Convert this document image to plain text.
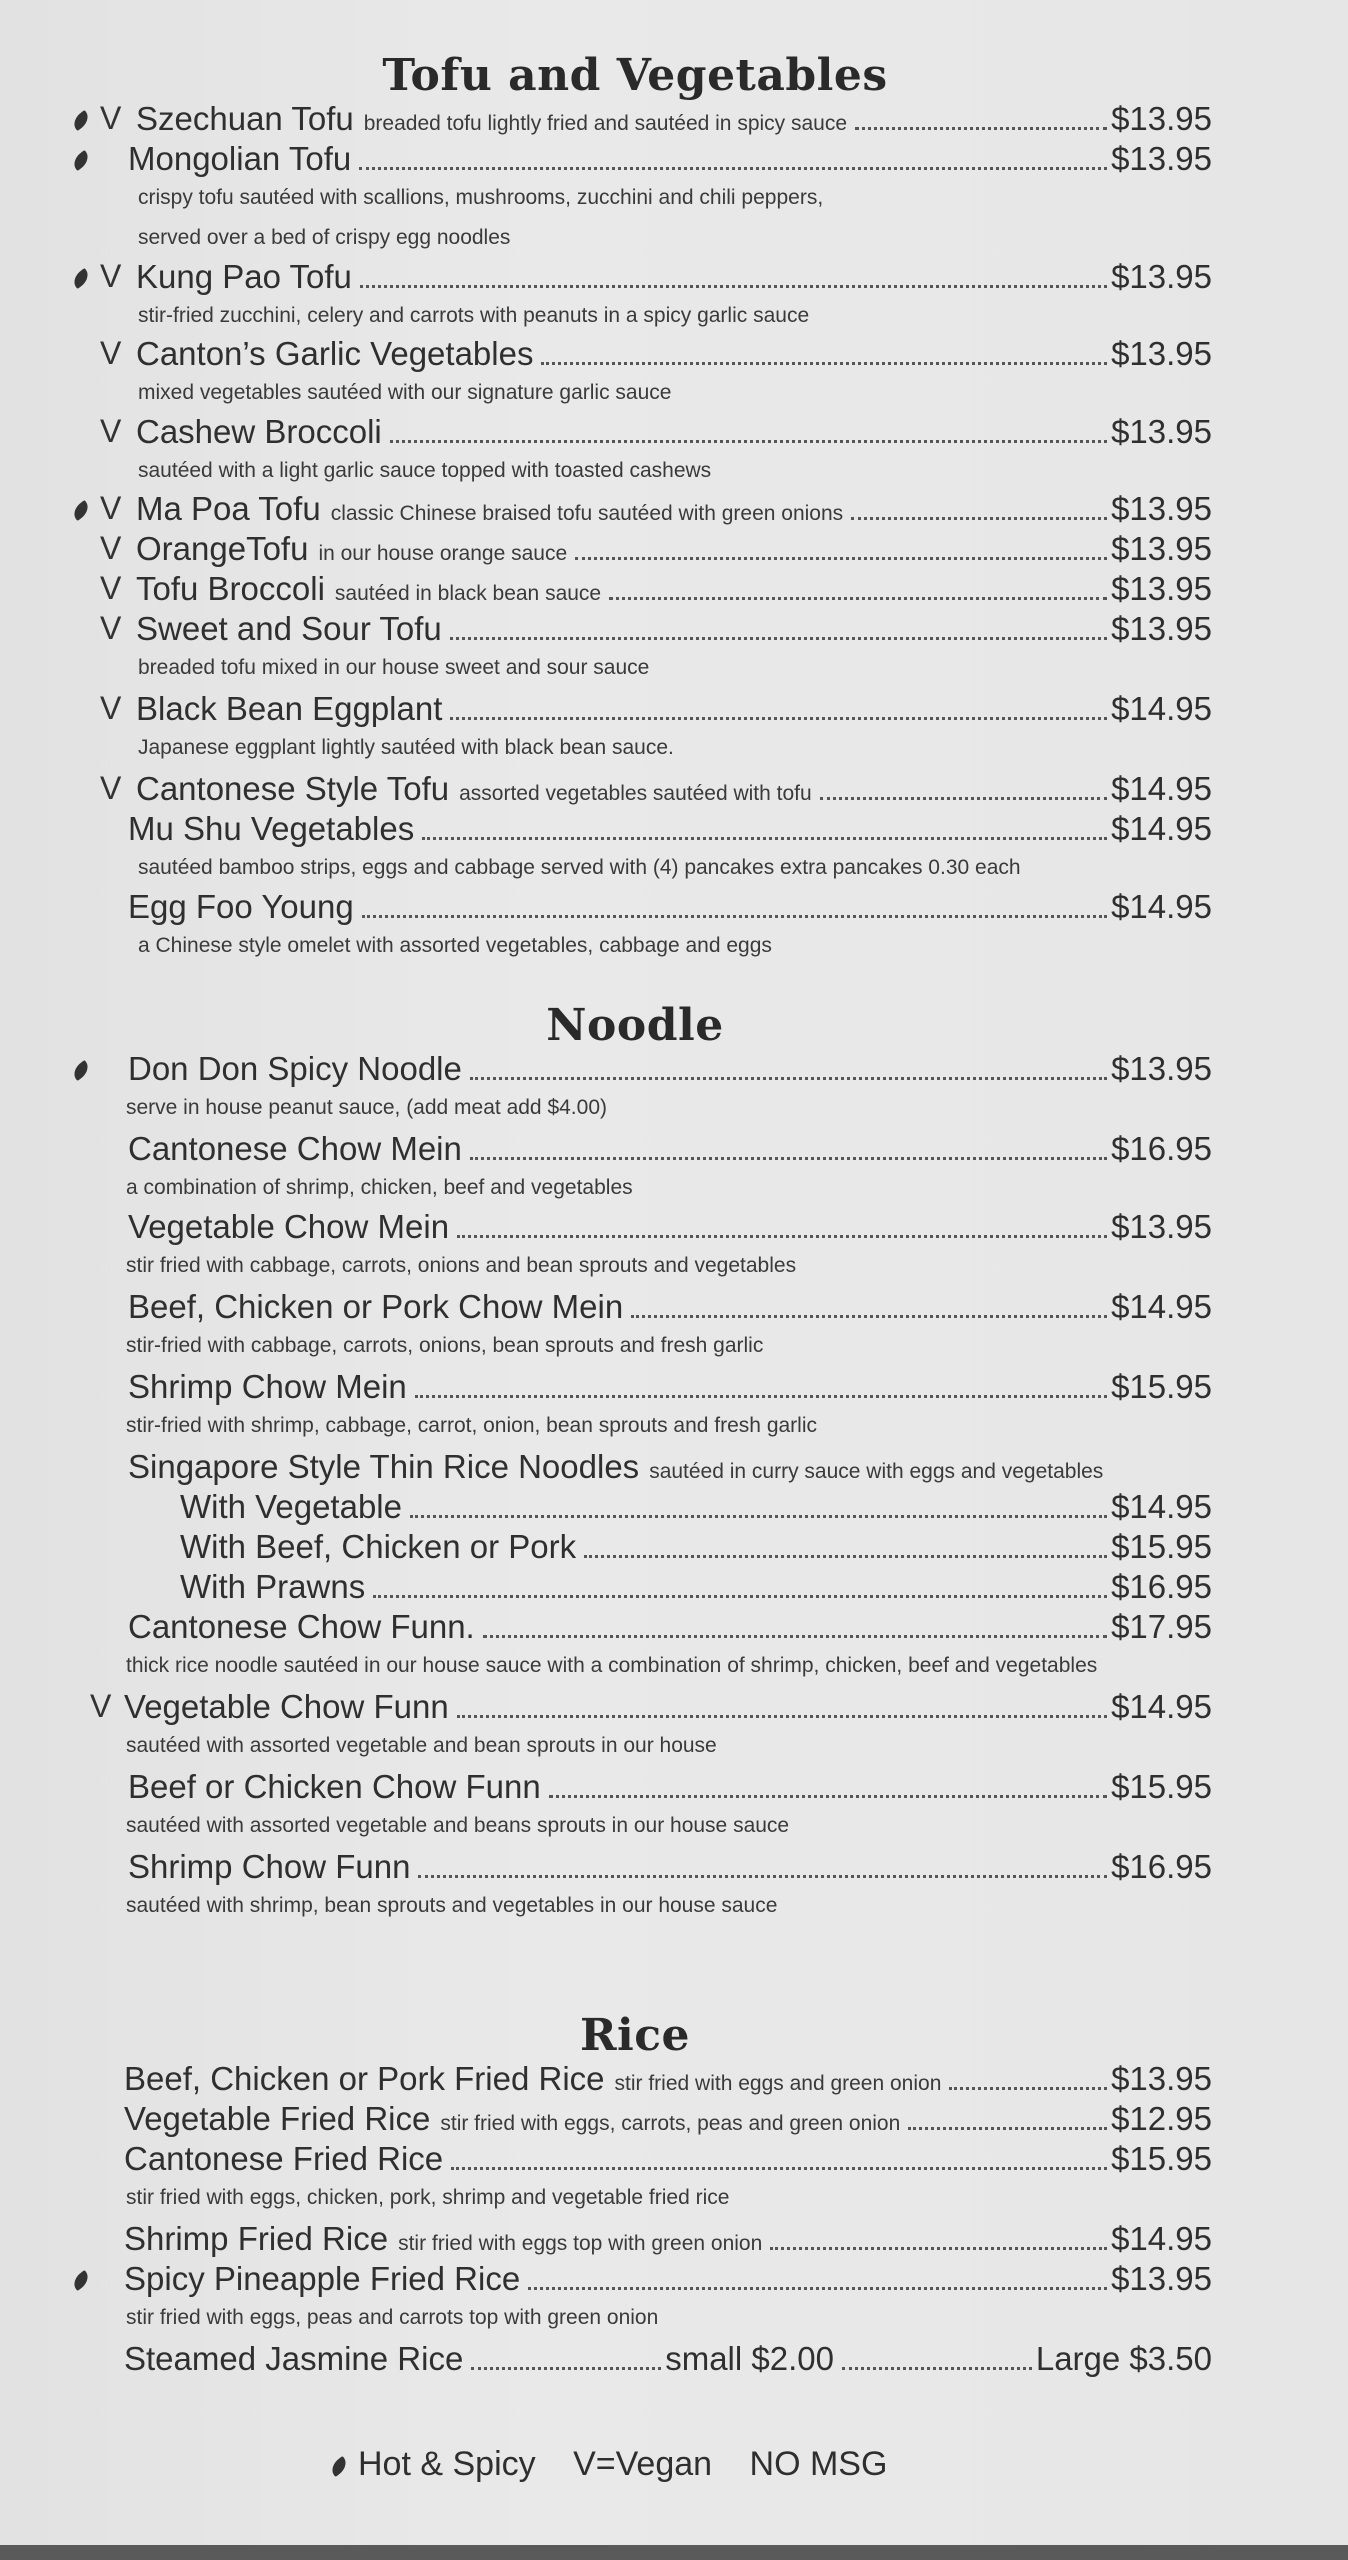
Tofu and Vegetables
V Szechuan Tofu breaded tofu lightly fried and sautéed in spicy sauce	$13.95
Mongolian Tofu	$13.95
crispy tofu sautéed with scallions, mushrooms, zucchini and chili peppers,
served over a bed of crispy egg noodles
V Kung Pao Tofu	$13.95
stir-fried zucchini, celery and carrots with peanuts in a spicy garlic sauce
V Canton’s Garlic Vegetables	$13.95
mixed vegetables sautéed with our signature garlic sauce
V Cashew Broccoli	$13.95
sautéed with a light garlic sauce topped with toasted cashews
V Ma Poa Tofu classic Chinese braised tofu sautéed with green onions	$13.95
V OrangeTofu in our house orange sauce	$13.95
V Tofu Broccoli sautéed in black bean sauce	$13.95
V Sweet and Sour Tofu	$13.95
breaded tofu mixed in our house sweet and sour sauce
V Black Bean Eggplant	$14.95
Japanese eggplant lightly sautéed with black bean sauce.
V Cantonese Style Tofu assorted vegetables sautéed with tofu	$14.95
Mu Shu Vegetables	$14.95
sautéed bamboo strips, eggs and cabbage served with (4) pancakes extra pancakes 0.30 each
Egg Foo Young	$14.95
a Chinese style omelet with assorted vegetables, cabbage and eggs
Noodle
Don Don Spicy Noodle	$13.95
serve in house peanut sauce, (add meat add $4.00)
Cantonese Chow Mein	$16.95
a combination of shrimp, chicken, beef and vegetables
Vegetable Chow Mein	$13.95
stir fried with cabbage, carrots, onions and bean sprouts and vegetables
Beef, Chicken or Pork Chow Mein	$14.95
stir-fried with cabbage, carrots, onions, bean sprouts and fresh garlic
Shrimp Chow Mein	$15.95
stir-fried with shrimp, cabbage, carrot, onion, bean sprouts and fresh garlic
Singapore Style Thin Rice Noodles sautéed in curry sauce with eggs and vegetables
With Vegetable	$14.95
With Beef, Chicken or Pork	$15.95
With Prawns	$16.95
Cantonese Chow Funn.	$17.95
thick rice noodle sautéed in our house sauce with a combination of shrimp, chicken, beef and vegetables
V Vegetable Chow Funn	$14.95
sautéed with assorted vegetable and bean sprouts in our house
Beef or Chicken Chow Funn	$15.95
sautéed with assorted vegetable and beans sprouts in our house sauce
Shrimp Chow Funn	$16.95
sautéed with shrimp, bean sprouts and vegetables in our house sauce
Rice
Beef, Chicken or Pork Fried Rice stir fried with eggs and green onion	$13.95
Vegetable Fried Rice stir fried with eggs, carrots, peas and green onion	$12.95
Cantonese Fried Rice	$15.95
stir fried with eggs, chicken, pork, shrimp and vegetable fried rice
Shrimp Fried Rice stir fried with eggs top with green onion	$14.95
Spicy Pineapple Fried Rice	$13.95
stir fried with eggs, peas and carrots top with green onion
Steamed Jasmine Rice	small $2.00	Large $3.50
Hot & Spicy V=Vegan NO MSG
